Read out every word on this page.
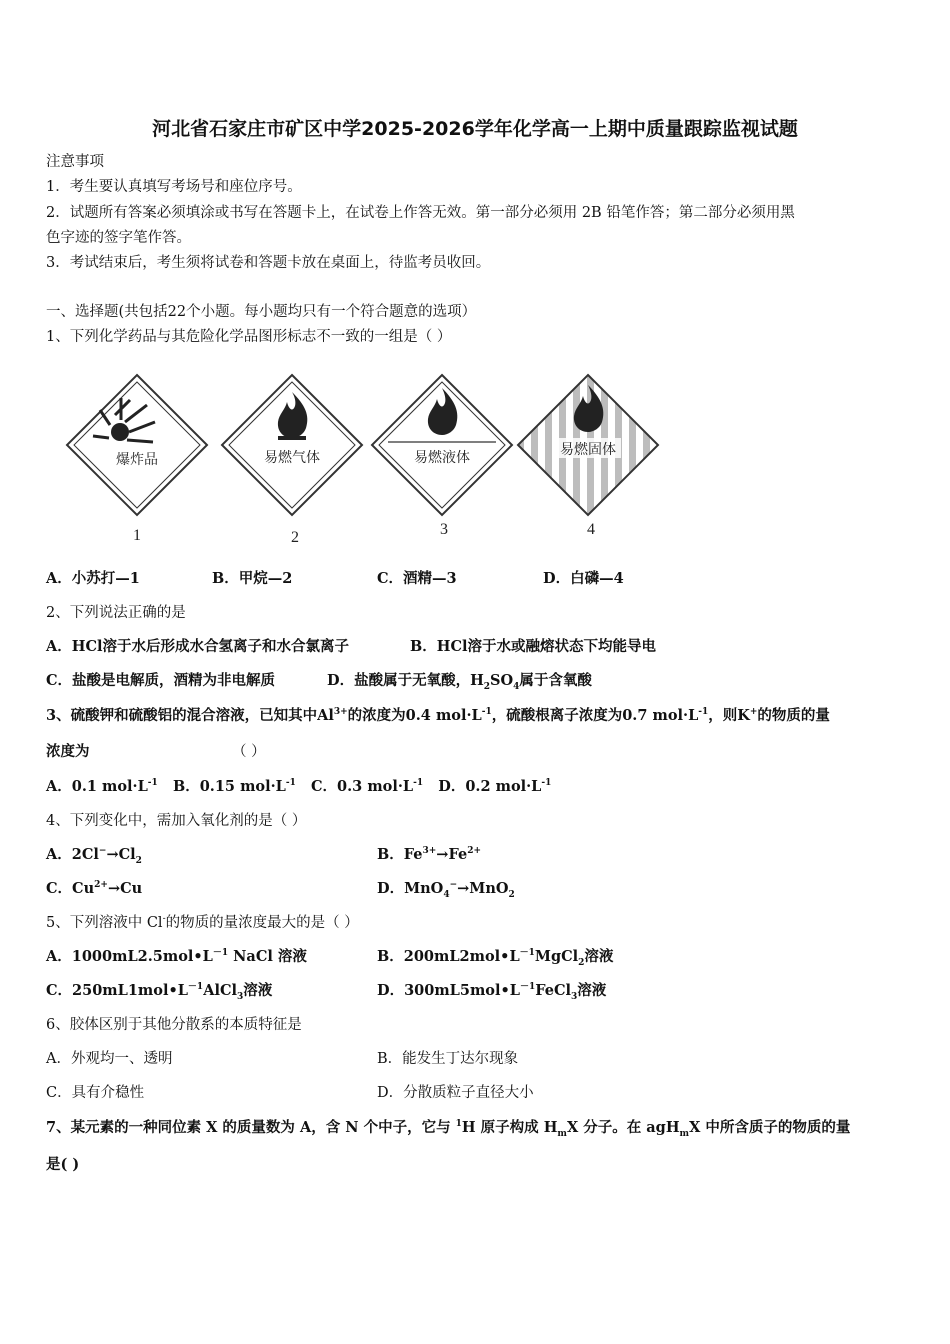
河北省石家庄市矿区中学2025-2026学年化学高一上期中质量跟踪监视试题
注意事项
1．考生要认真填写考场号和座位序号。
2．试题所有答案必须填涂或书写在答题卡上，在试卷上作答无效。第一部分必须用 2B 铅笔作答；第二部分必须用黑
色字迹的签字笔作答。
3．考试结束后，考生须将试卷和答题卡放在桌面上，待监考员收回。
一、选择题(共包括22个小题。每小题均只有一个符合题意的选项）
1、下列化学药品与其危险化学品图形标志不一致的一组是（ ）
爆炸品
1
易燃气体
2
易燃液体
3
易燃固体
4
A．小苏打—1	B．甲烷—2	C．酒精—3	D．白磷—4
2、下列说法正确的是
A．HCl溶于水后形成水合氢离子和水合氯离子	B．HCl溶于水或融熔状态下均能导电
C．盐酸是电解质，酒精为非电解质	D．盐酸属于无氧酸，$H_2SO_4$属于含氧酸
3、硫酸钾和硫酸铝的混合溶液，已知其中$Al^{3+}$的浓度为0.4 $mol\cdot L^{-1}$，硫酸根离子浓度为0.7 $mol\cdot L^{-1}$，则K+的物质的量
浓度为	（ ）
A．0.1 $mol\cdot L^{-1}$ B．0.15 $mol\cdot L^{-1}$ C．0.3 $mol\cdot L^{-1}$ D．0.2 $mol\cdot L^{-1}$
4、下列变化中，需加入氧化剂的是（ ）
A．$2Cl^-\to Cl_2$	B．$Fe^{3+}\to Fe^{2+}$
C．$Cu^{2+}\to Cu$	D．MnO$_4$−→MnO$_2$
5、下列溶液中 Cl-的物质的量浓度最大的是（ ）
A．$1000mL2.5mol•L^{-1}$ NaCl 溶液	B．$200mL2mol•L^{-1}MgCl_2$溶液
C．$250mL1mol•L^{-1}AlCl_3$溶液	D．$300mL5mol•L^{-1}FeCl_3$溶液
6、胶体区别于其他分散系的本质特征是
A．外观均一、透明	B．能发生丁达尔现象
C．具有介稳性	D．分散质粒子直径大小
7、某元素的一种同位素 X 的质量数为 A，含 N 个中子，它与 $^1$H 原子构成 $H_mX$ 分子。在 agH$_m$X 中所含质子的物质的量
是( )
